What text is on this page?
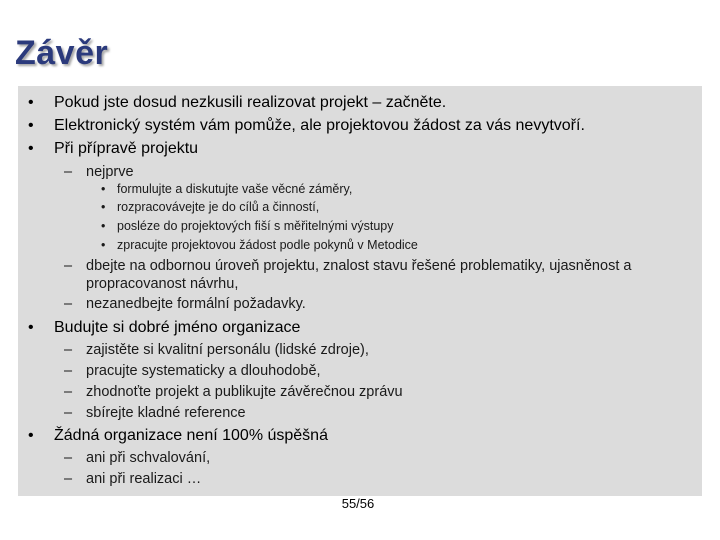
Závěr
• Pokud jste dosud nezkusili realizovat projekt – začněte.
• Elektronický systém vám pomůže, ale projektovou žádost za vás nevytvoří.
• Při přípravě projektu
– nejprve
• formulujte a diskutujte vaše věcné záměry,
• rozpracovávejte je do cílů a činností,
• posléze do projektových fiší s měřitelnými výstupy
• zpracujte projektovou žádost podle pokynů v Metodice
– dbejte na odbornou úroveň projektu, znalost stavu řešené problematiky, ujasněnost a
propracovanost návrhu,
– nezanedbejte formální požadavky.
• Budujte si dobré jméno organizace
– zajistěte si kvalitní personálu (lidské zdroje),
– pracujte systematicky a dlouhodobě,
– zhodnoťte projekt a publikujte závěrečnou zprávu
– sbírejte kladné reference
• Žádná organizace není 100% úspěšná
– ani při schvalování,
– ani při realizaci …
55/56
